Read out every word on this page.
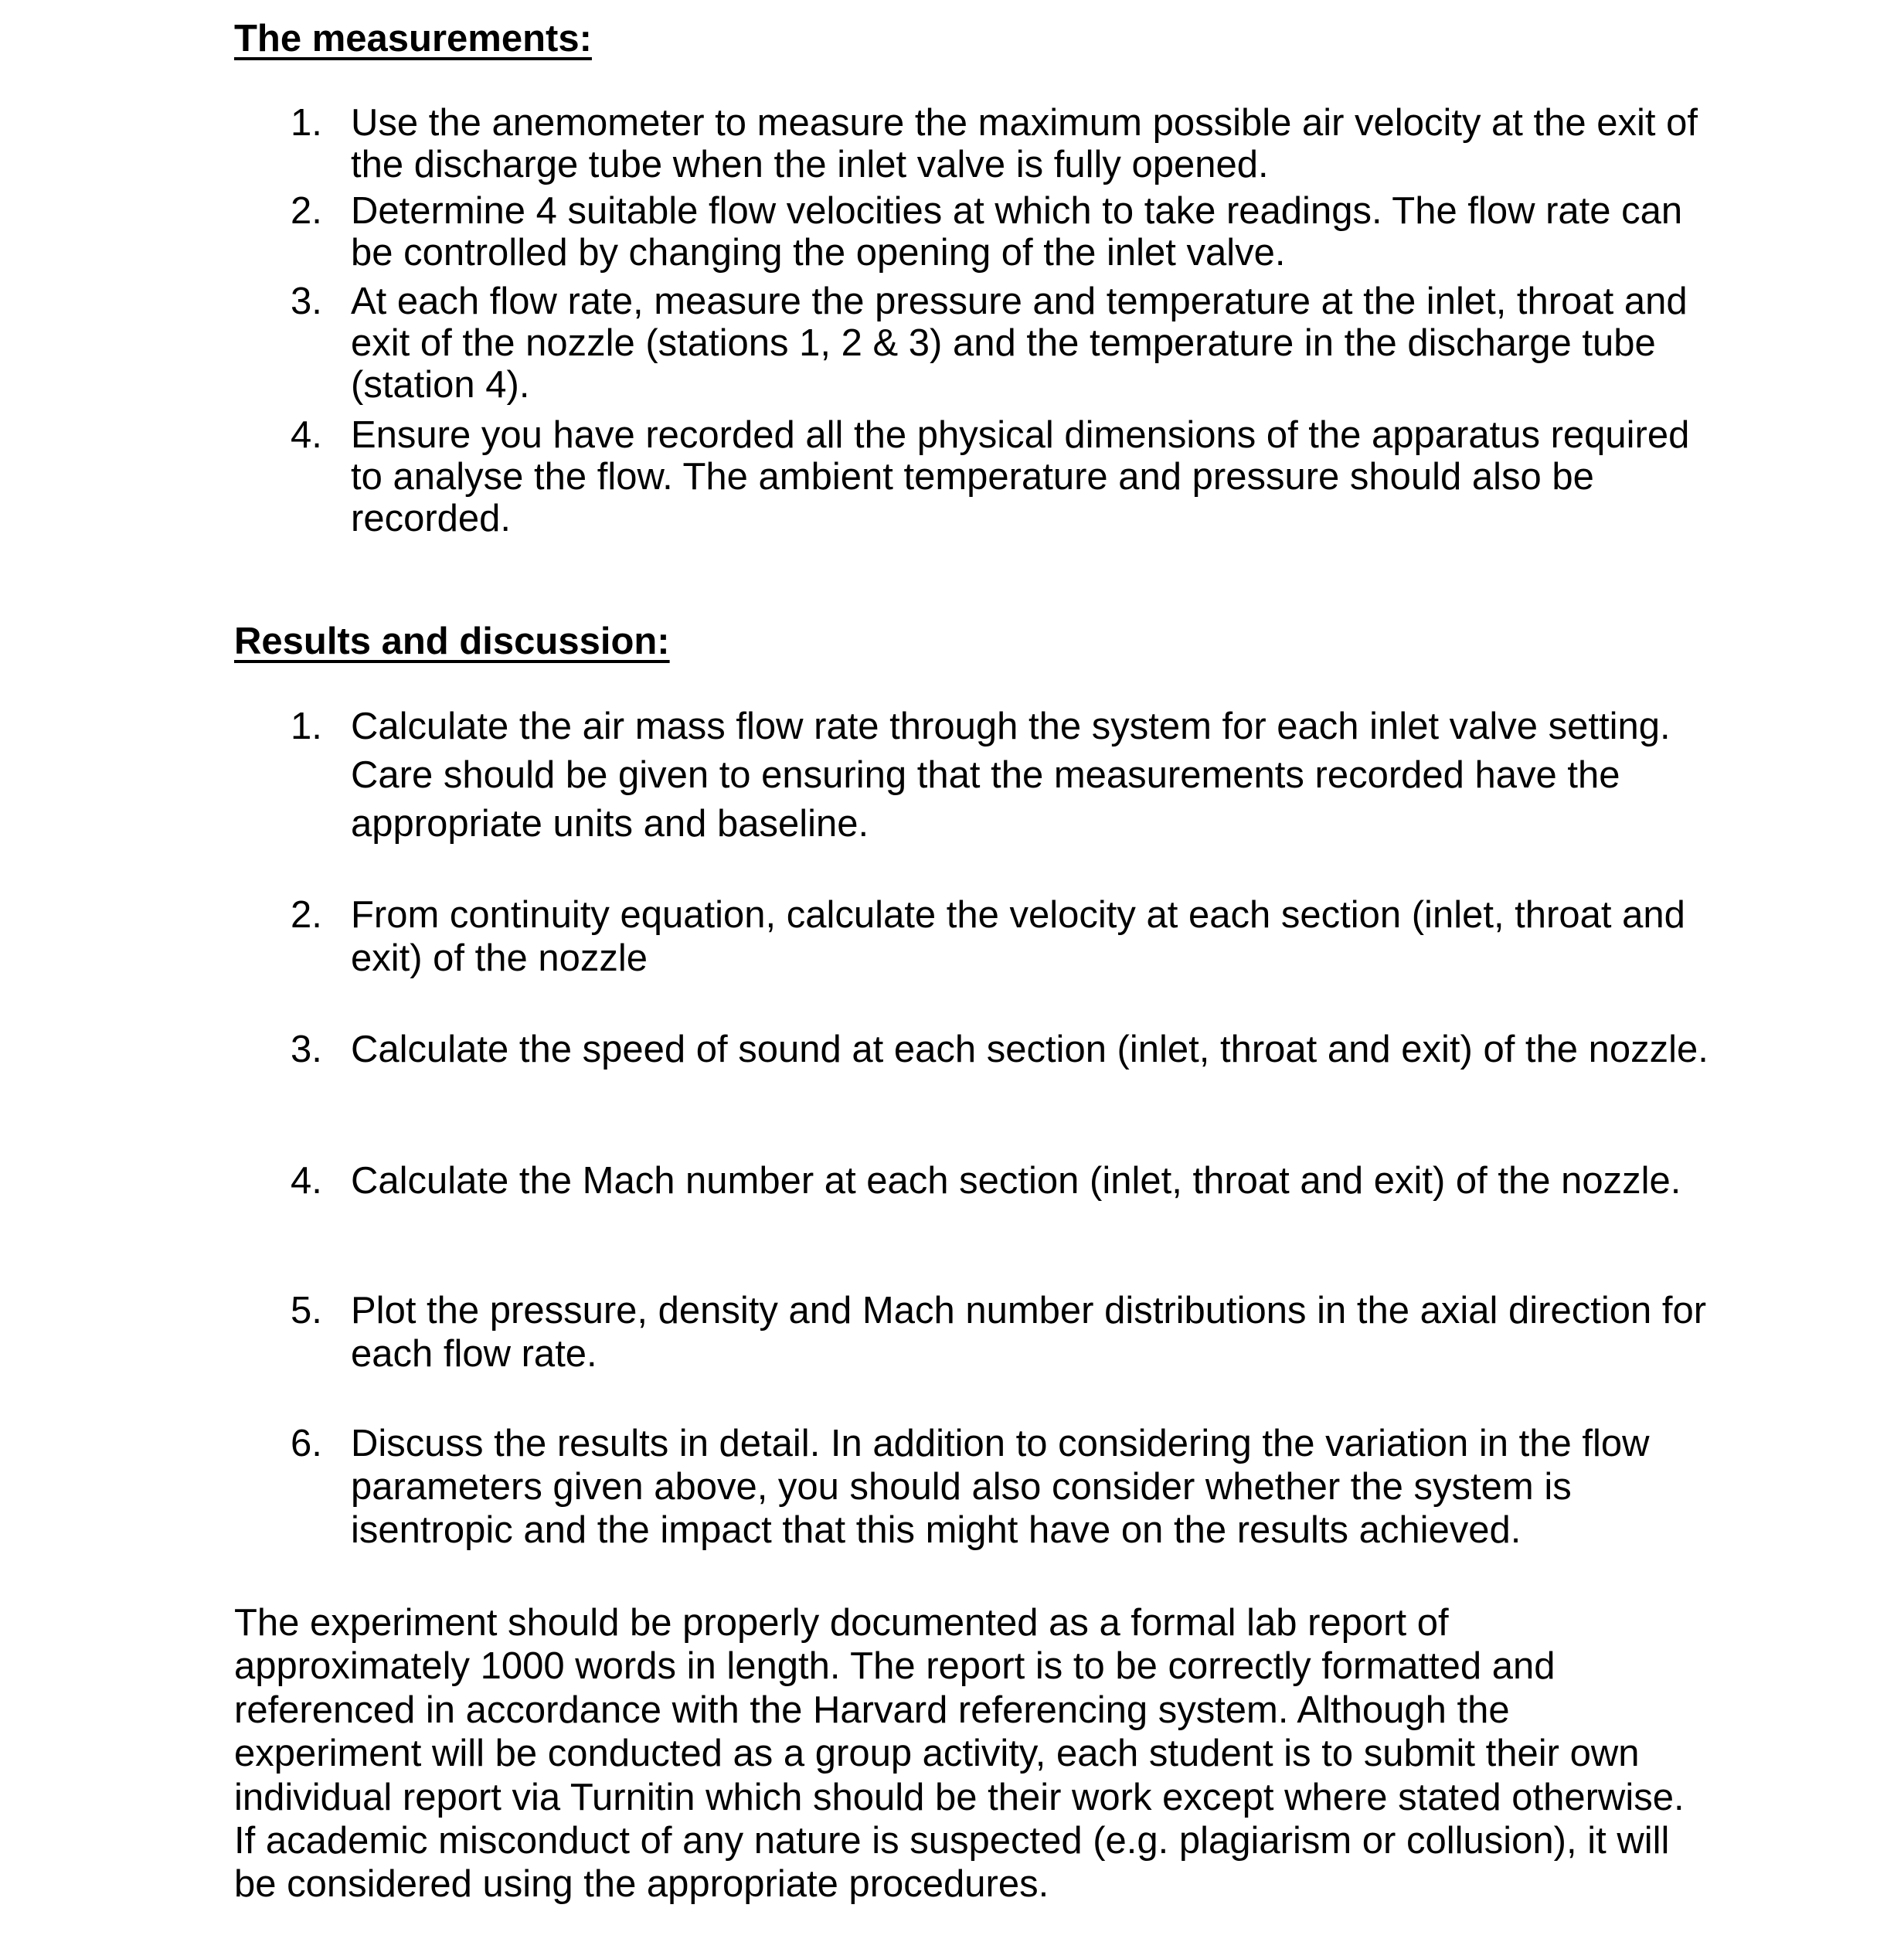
The measurements:
1. Use the anemometer to measure the maximum possible air velocity at the exit of the discharge tube when the inlet valve is fully opened.
2. Determine 4 suitable flow velocities at which to take readings. The flow rate can be controlled by changing the opening of the inlet valve.
3. At each flow rate, measure the pressure and temperature at the inlet, throat and exit of the nozzle (stations 1, 2 & 3) and the temperature in the discharge tube (station 4).
4. Ensure you have recorded all the physical dimensions of the apparatus required to analyse the flow. The ambient temperature and pressure should also be recorded.
Results and discussion:
1. Calculate the air mass flow rate through the system for each inlet valve setting. Care should be given to ensuring that the measurements recorded have the appropriate units and baseline.
2. From continuity equation, calculate the velocity at each section (inlet, throat and exit) of the nozzle
3. Calculate the speed of sound at each section (inlet, throat and exit) of the nozzle.
4. Calculate the Mach number at each section (inlet, throat and exit) of the nozzle.
5. Plot the pressure, density and Mach number distributions in the axial direction for each flow rate.
6. Discuss the results in detail. In addition to considering the variation in the flow parameters given above, you should also consider whether the system is isentropic and the impact that this might have on the results achieved.

The experiment should be properly documented as a formal lab report of approximately 1000 words in length. The report is to be correctly formatted and referenced in accordance with the Harvard referencing system. Although the experiment will be conducted as a group activity, each student is to submit their own individual report via Turnitin which should be their work except where stated otherwise. If academic misconduct of any nature is suspected (e.g. plagiarism or collusion), it will be considered using the appropriate procedures.
